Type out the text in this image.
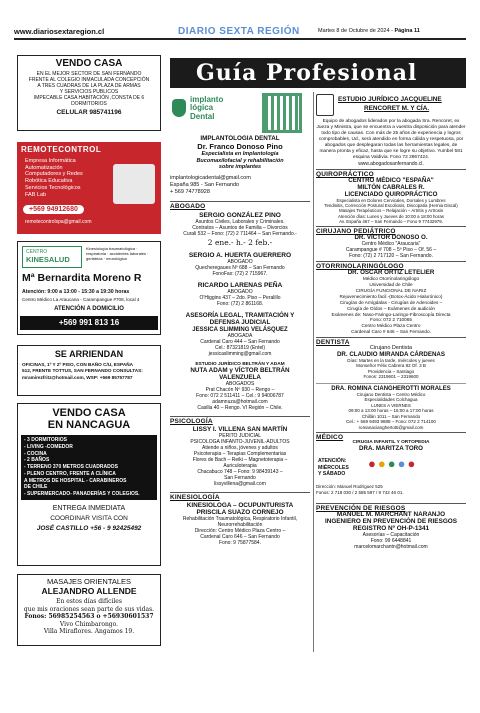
www.diariosextaregion.cl	DIARIO SEXTA REGIÓN	Martes 8 de Octubre de 2024 - Página 11
VENDO CASA
EN EL MEJOR SECTOR DE SAN FERNANDO
FRENTE AL COLEGIO INMACULADA CONCEPCIÓN
A TRES CUADRAS DE LA PLAZA DE ARMAS
Y SERVICIOS PUBLICOS
IMPECABLE CASA HABITACIÓN ,CONSTA DE 6
DORMITORIOS
CELULAR 985741196
REMOTECONTROL
Empresa Informática
Automatización
Computadores y Redes
Robótica Educativa
Servicios Tecnológicos
FAB Lab
+569 94912680
remotecontrolspa@gmail.com
CENTRO
KINESALUD
Kinesiología traumatológica · respiratoria · accidentes laborales · geriátrica · neurológica
Mª Bernardita Moreno R
Atención: 9:00 a 13:00 - 15:30 a 19:30 horas
Centro Médico La Araucana - Carampangue #708, local 4
ATENCIÓN A DOMICILIO
+569 991 813 16
SE ARRIENDAN
OFICINAS, 1º Y 2º PISO, CON BAÑO C/U, ESPAÑA
512, FRENTE TOTTUS, SAN FERNANDO CONSULTAS:
mramirezfritz@hotmail.com, WSP: +569 85757787
VENDO CASA
EN NANCAGUA
- 3 DORMITORIOS
- LIVING -COMEDOR
- COCINA
- 2 BAÑOS
- TERRENO 370 METROS CUADRADOS
- PLENO CENTRO, FRENTE A CLÍNICA
A METROS DE HOSPITAL - CARABINEROS
DE CHILE
- SUPERMERCADO- PANADERÍAS Y COLEGIOS.
ENTREGA INMEDIATA
COORDINAR VISITA CON
JOSÉ CASTILLO +56 - 9 92425492
MASAJES ORIENTALES
ALEJANDRO ALLENDE
En estos días difíciles
que mis oraciones sean parte de sus vidas.
Fonos: 56985254563 o +56930601537
Vivo Chimbarongo.
Villa Miraflores. Angamos 19.
Guía Profesional
implanto
lógica
Dental
IMPLANTOLOGIA DENTAL
Dr. Franco Donoso Pino
Especialista en Implantología
Bucomaxilofacial y rehabilitación
sobre implantes
implantologicadental@gmail.com
España 985 - San Fernando
+ 569 74778928
ABOGADO
SERGIO GONZÁLEZ PINO
Asuntos Civiles, Laborales y Criminales.
Contratos – Asuntos de Familia – Divorcios
Curali 532 – Fono: (72) 2 711464 – San Fernando.-
2 ene.- h.- 2 feb.-
SERGIO A. HUERTA GUERRERO
ABOGADO
Quecheregaues Nº 688 – San Fernando
FonoFax: (72) 2 715967.
RICARDO LARENAS PEÑA
ABOGADO
O'Higgins 437 – 2do. Piso – Peralillo
Fono: (72) 2 861168.
ASESORÍA LEGAL, TRAMITACIÓN Y DEFENSA JUDICIAL
JESSICA SLIMMING VELÁSQUEZ
ABOGADA
Cardenal Caro 444 – San Fernando
Cel.: 87321819 (Entel)
jessicaslimming@gmail.com
ESTUDIO JURÍDICO BELTRÁN Y ADAM
NUTA ADAM y VÍCTOR BELTRÁN VALENZUELA
ABOGADOS
Prat Chacón Nº 930 – Rengo –
Fono: 072 2 511411 – Cel.: 9 94006787
adamnuza@hotmail.com
Casilla 40 – Rengo. VI Región – Chile.
PSICOLOGÍA
LISSY I. VILLENA SAN MARTÍN
PERITO JUDICIAL
PSICOLOGA INFANTO-JUVENIL-ADULTOS
Atiende a niños, jóvenes y adultos
Psicoterapia – Terapias Complementarias
Flores de Bach – Reiki – Magnetoterapia –
Auriculoterapia
Chacabuco 748 – Fono: 9 98439143 –
San Fernando
lissyvillena@gmail.com
KINESIOLOGÍA
KINESIOLOGA – OCUPUNTURISTA
PRISCILA SUAZO CORNEJO
Rehabilitación Traumatológica, Respiratorio Infantil,
Neurorrehabilitación
Dirección: Centro Médico Plaza Centro –
Cardenal Caro 646 – San Fernando
Fono: 9 75877584.
ESTUDIO JURÍDICO JACQUELINE
RENCORET M. Y CÍA.
Equipo de abogados liderados por la abogada Sra. Rencoret, ex Jueza y Ministra, que se encuentra a vuestra disposición para atender todo tipo de causas. Con más de 25 años de experiencia y logros comprobables, Ud., será atendido en forma cálida y respetuosa, por abogados que desplegaran todas las herramientas legales, de manera pronta y eficaz, hasta que se logre su objetivo. Yumbel 581 esquina Valdivia. Fono 72 2967424.
www.abogadosanfernando.cl.
QUIROPRÁCTICO
CENTRO MÉDICO "ESPAÑA"
MILTÓN CABRALES R.
LICENCIADO QUIROPRÁCTICO
Especialista en Dolores Cervicales, Dorsales y Lumbres
Tendinitis, Corrección Postural Escoliosis, Discopatía (Hernia Discal)
Masajes Terapéuticos – Relajación – Artritis y Artrosis
Atención días: Lunes y Jueves de 10:00 a 18:00 horas
Av. España 467 – San Fernando – Fono 9 77432979.
CIRUJANO PEDIÁTRICO
DR. VÍCTOR DONOSO O.
Centro Médico "Araucaria"
Carampangue # 708 – 5º Piso – Of. 56 –
Fono: (72) 2 717120 – San Fernando.
OTORRINOLARINGÓLOGO
DR. ÓSCAR ORTIZ LETELIER
Médico Otorrinolaringólogo
Universidad de Chile
CIRUGÍA FUNCIONAL DE NARIZ
Rejuvenecimiento facil -(Botox-Ácido Hialurónico)
Cirugías de Amígdalas - Cirugías de Adenoides –
Cirugía de Oídos – Exámenes de audición
Exámenes de: Naso-Faringo-Laringo-Fibroscopía Directa
Fono: 072 2 710065
Centro Médico Plaza Centro
Cardenal Caro # 646 – San Fernando.
DENTISTA
Cirujano Dentista
DR. CLAUDIO MIRANDA CÁRDENAS
Días: Martes en la tarde, miércoles y jueves
Monseñor Félix Cabrera 82 Of. 3 B
Providencia – Santiago
Fonos: 2319601 – 2319600
DRA. ROMINA CIANGHEROTTI MORALES
Cirujano Dentista – Centro Médico
Especialidades Colchagua
LUNES A VIERNES
09:00 a 13:00 horas – 15:00 a 17:00 horas
Chillán 1011 – San Fernando
Cel.: + 569 9493 9888 – Fono: 072 2 714100
romanacianghertotti@gmail.com
MÉDICO
CIRUGIA INFANTIL Y ORTOPEDIA
DRA. MARITZA TORO
ATENCIÓN:
MIÉRCOLES
Y SÁBADO
●●●●●
Dirección: Manuel Rodríguez 525
Fonos: 2 718 030 / 2 585 597 / 9 742 46 01.
PREVENCIÓN DE RIESGOS
MANUEL M. MARCHANT NARANJO
INGENIERO EN PREVENCIÓN DE RIESGOS
REGISTRO Nº OH-P-1341
Asesorías – Capacitación
Fono: 99 6448841
marcelomarchantn@hotmail.com
